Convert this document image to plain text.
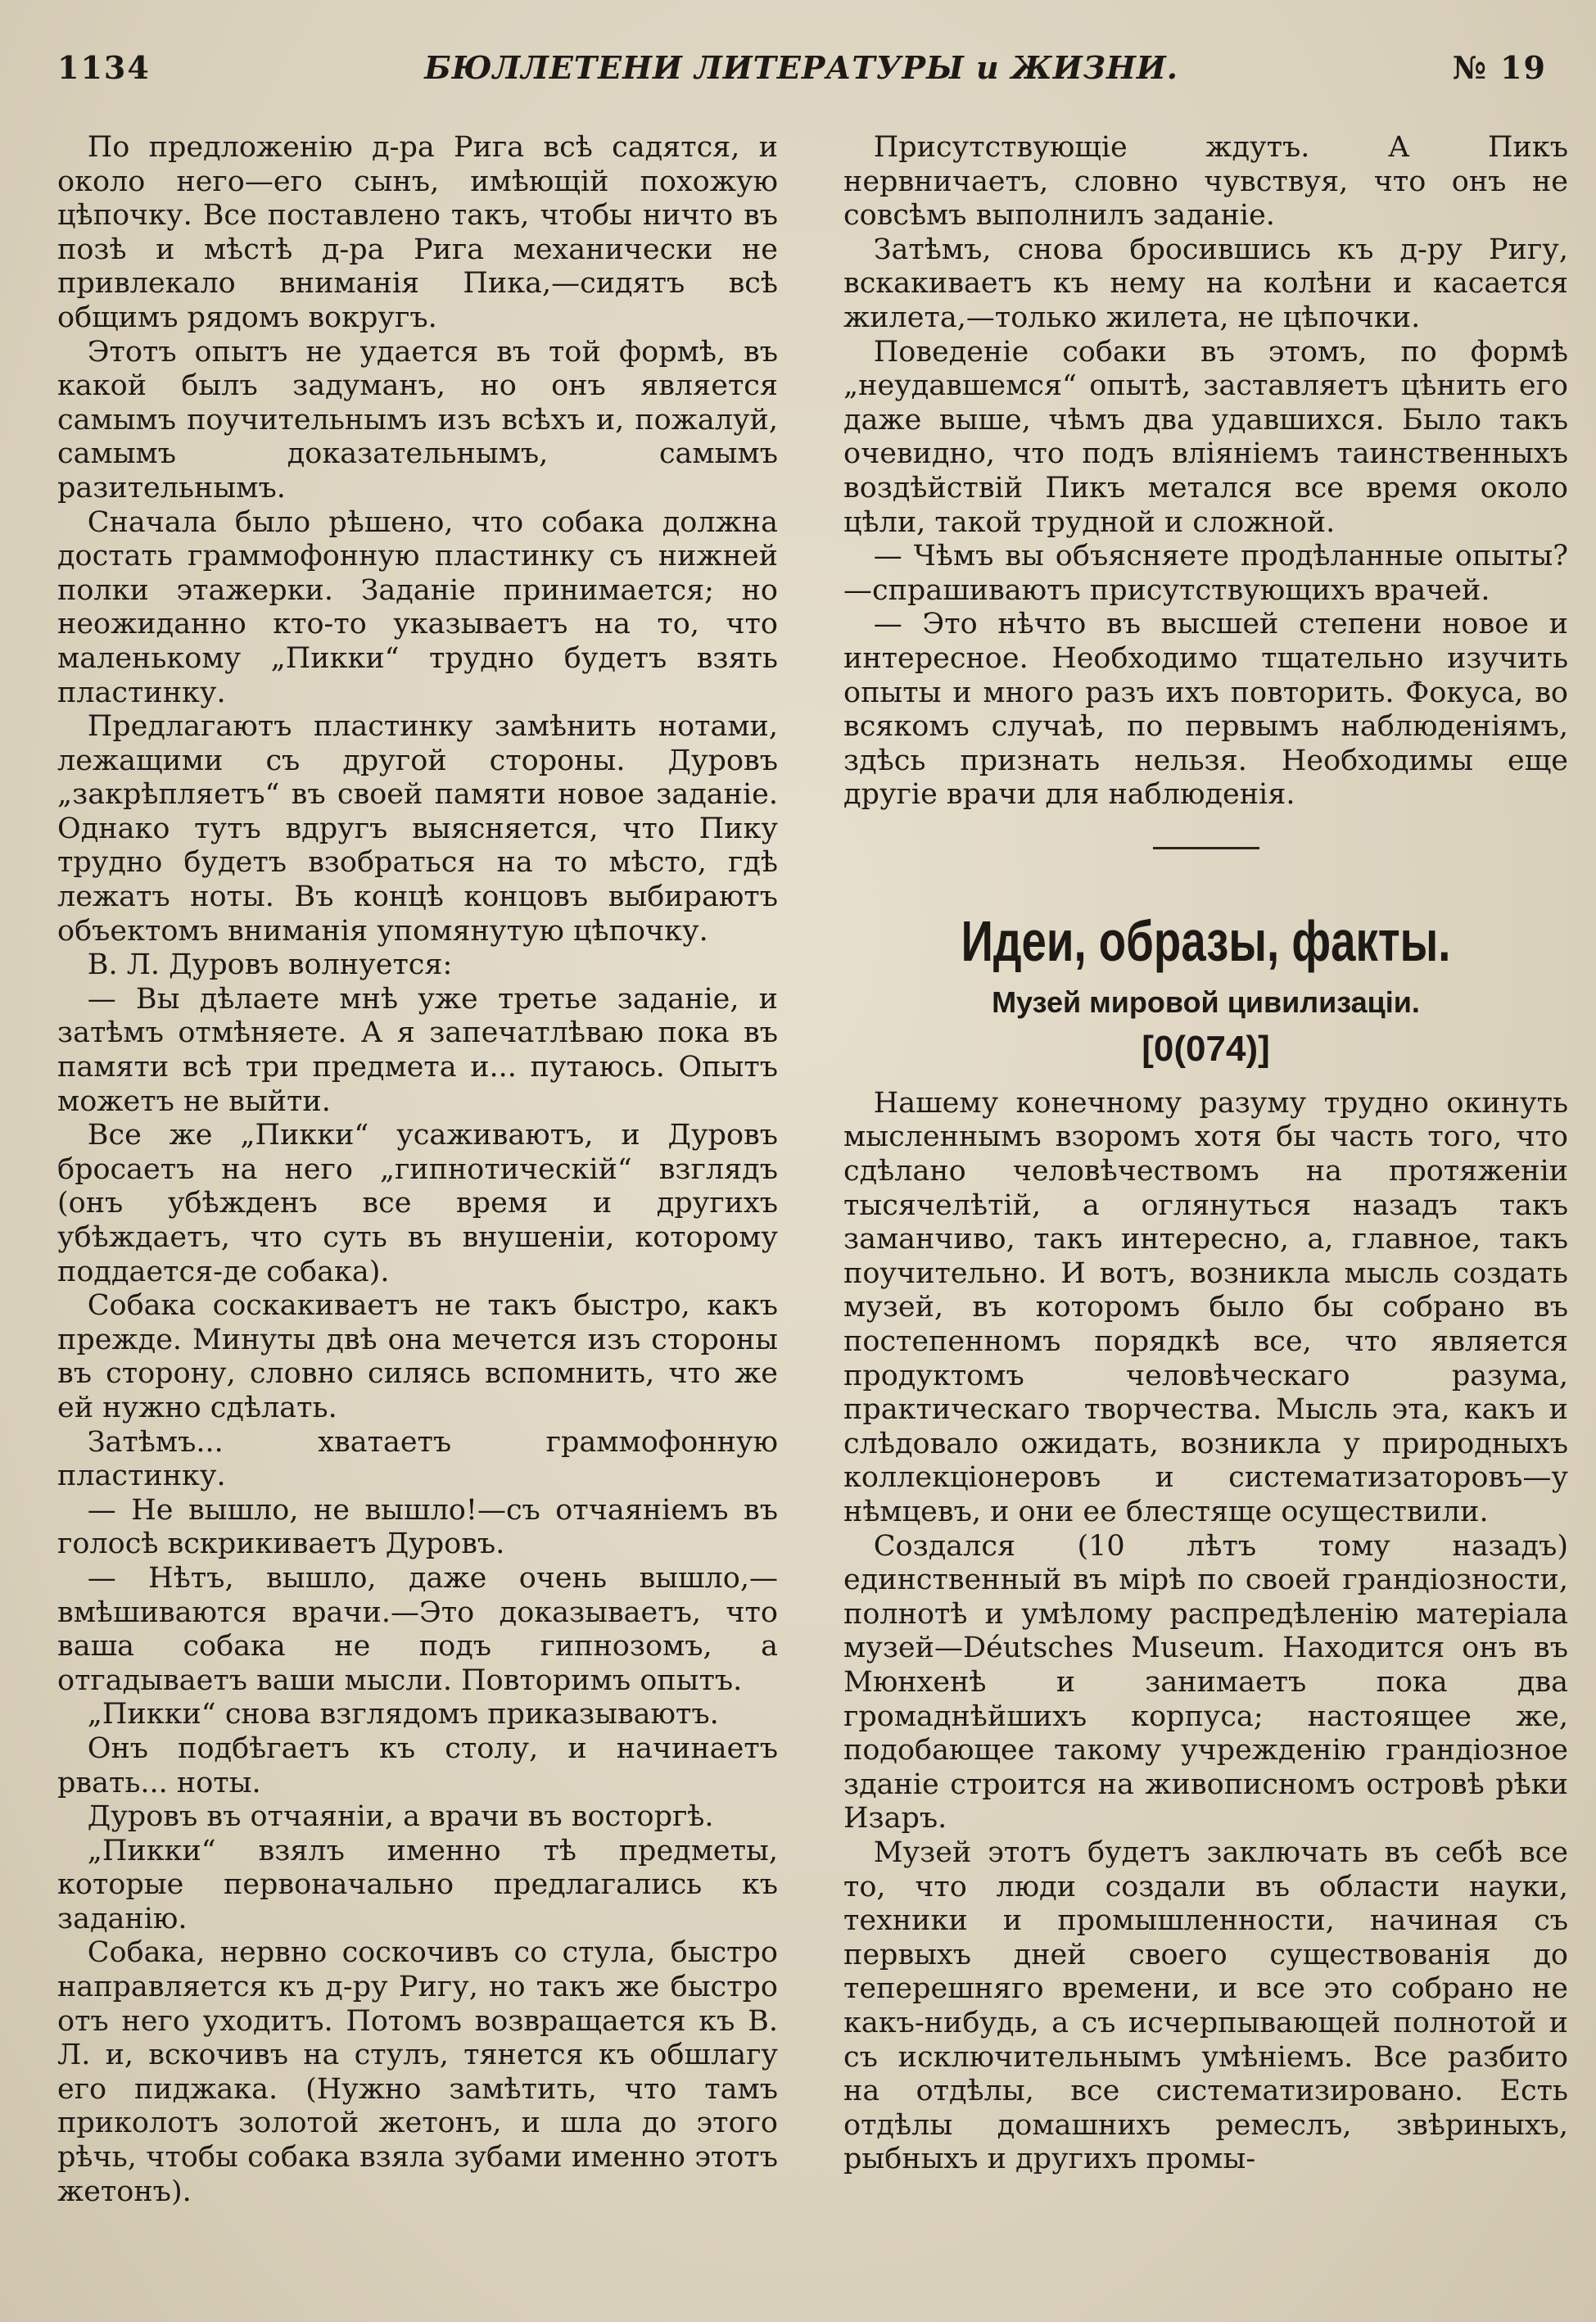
1134	БЮЛЛЕТЕНИ ЛИТЕРАТУРЫ и ЖИЗНИ.	№ 19

По предложенію д-ра Рига всѣ садятся, и около него—его сынъ, имѣющій похожую цѣпочку. Все поставлено такъ, чтобы ничто въ позѣ и мѣстѣ д-ра Рига механически не привлекало вниманія Пика,—сидятъ всѣ общимъ рядомъ вокругъ.

Этотъ опытъ не удается въ той формѣ, въ какой былъ задуманъ, но онъ является самымъ поучительнымъ изъ всѣхъ и, пожалуй, самымъ доказательнымъ, самымъ разительнымъ.

Сначала было рѣшено, что собака должна достать граммофонную пластинку съ нижней полки этажерки. Заданіе принимается; но неожиданно кто-то указываетъ на то, что маленькому „Пикки“ трудно будетъ взять пластинку.

Предлагаютъ пластинку замѣнить нотами, лежащими съ другой стороны. Дуровъ „закрѣпляетъ“ въ своей памяти новое заданіе. Однако тутъ вдругъ выясняется, что Пику трудно будетъ взобраться на то мѣсто, гдѣ лежатъ ноты. Въ концѣ концовъ выбираютъ объектомъ вниманія упомянутую цѣпочку.

В. Л. Дуровъ волнуется:

— Вы дѣлаете мнѣ уже третье заданіе, и затѣмъ отмѣняете. А я запечатлѣваю пока въ памяти всѣ три предмета и... путаюсь. Опытъ можетъ не выйти.

Все же „Пикки“ усаживаютъ, и Дуровъ бросаетъ на него „гипнотическій“ взглядъ (онъ убѣжденъ все время и другихъ убѣждаетъ, что суть въ внушеніи, которому поддается-де собака).

Собака соскакиваетъ не такъ быстро, какъ прежде. Минуты двѣ она мечется изъ стороны въ сторону, словно силясь вспомнить, что же ей нужно сдѣлать.

Затѣмъ... хватаетъ граммофонную пластинку.

— Не вышло, не вышло!—съ отчаяніемъ въ голосѣ вскрикиваетъ Дуровъ.

— Нѣтъ, вышло, даже очень вышло,— вмѣшиваются врачи.—Это доказываетъ, что ваша собака не подъ гипнозомъ, а отгадываетъ ваши мысли. Повторимъ опытъ.

„Пикки“ снова взглядомъ приказываютъ.

Онъ подбѣгаетъ къ столу, и начинаетъ рвать... ноты.

Дуровъ въ отчаяніи, а врачи въ восторгѣ.

„Пикки“ взялъ именно тѣ предметы, которые первоначально предлагались къ заданію.

Собака, нервно соскочивъ со стула, быстро направляется къ д-ру Ригу, но такъ же быстро отъ него уходитъ. Потомъ возвращается къ В. Л. и, вскочивъ на стулъ, тянется къ обшлагу его пиджака. (Нужно замѣтить, что тамъ приколотъ золотой жетонъ, и шла до этого рѣчь, чтобы собака взяла зубами именно этотъ жетонъ).

Присутствующіе ждутъ. А Пикъ нервничаетъ, словно чувствуя, что онъ не совсѣмъ выполнилъ заданіе.

Затѣмъ, снова бросившись къ д-ру Ригу, вскакиваетъ къ нему на колѣни и касается жилета,—только жилета, не цѣпочки.

Поведеніе собаки въ этомъ, по формѣ „неудавшемся“ опытѣ, заставляетъ цѣнить его даже выше, чѣмъ два удавшихся. Было такъ очевидно, что подъ вліяніемъ таинственныхъ воздѣйствій Пикъ метался все время около цѣли, такой трудной и сложной.

— Чѣмъ вы объясняете продѣланные опыты?—спрашиваютъ присутствующихъ врачей.

— Это нѣчто въ высшей степени новое и интересное. Необходимо тщательно изучить опыты и много разъ ихъ повторить. Фокуса, во всякомъ случаѣ, по первымъ наблюденіямъ, здѣсь признать нельзя. Необходимы еще другіе врачи для наблюденія.

Идеи, образы, факты.
Музей мировой цивилизаціи.
[0(074)]

Нашему конечному разуму трудно окинуть мысленнымъ взоромъ хотя бы часть того, что сдѣлано человѣчествомъ на протяженіи тысячелѣтій, а оглянуться назадъ такъ заманчиво, такъ интересно, а, главное, такъ поучительно. И вотъ, возникла мысль создать музей, въ которомъ было бы собрано въ постепенномъ порядкѣ все, что является продуктомъ человѣческаго разума, практическаго творчества. Мысль эта, какъ и слѣдовало ожидать, возникла у природныхъ коллекціонеровъ и систематизаторовъ—у нѣмцевъ, и они ее блестяще осуществили.

Создался (10 лѣтъ тому назадъ) единственный въ мірѣ по своей грандіозности, полнотѣ и умѣлому распредѣленію матеріала музей—Déutsches Museum. Находится онъ въ Мюнхенѣ и занимаетъ пока два громаднѣйшихъ корпуса; настоящее же, подобающее такому учрежденію грандіозное зданіе строится на живописномъ островѣ рѣки Изаръ.

Музей этотъ будетъ заключать въ себѣ все то, что люди создали въ области науки, техники и промышленности, начиная съ первыхъ дней своего существованія до теперешняго времени, и все это собрано не какъ-нибудь, а съ исчерпывающей полнотой и съ исключительнымъ умѣніемъ. Все разбито на отдѣлы, все систематизировано. Есть отдѣлы домашнихъ ремеслъ, звѣриныхъ, рыбныхъ и другихъ промы-
